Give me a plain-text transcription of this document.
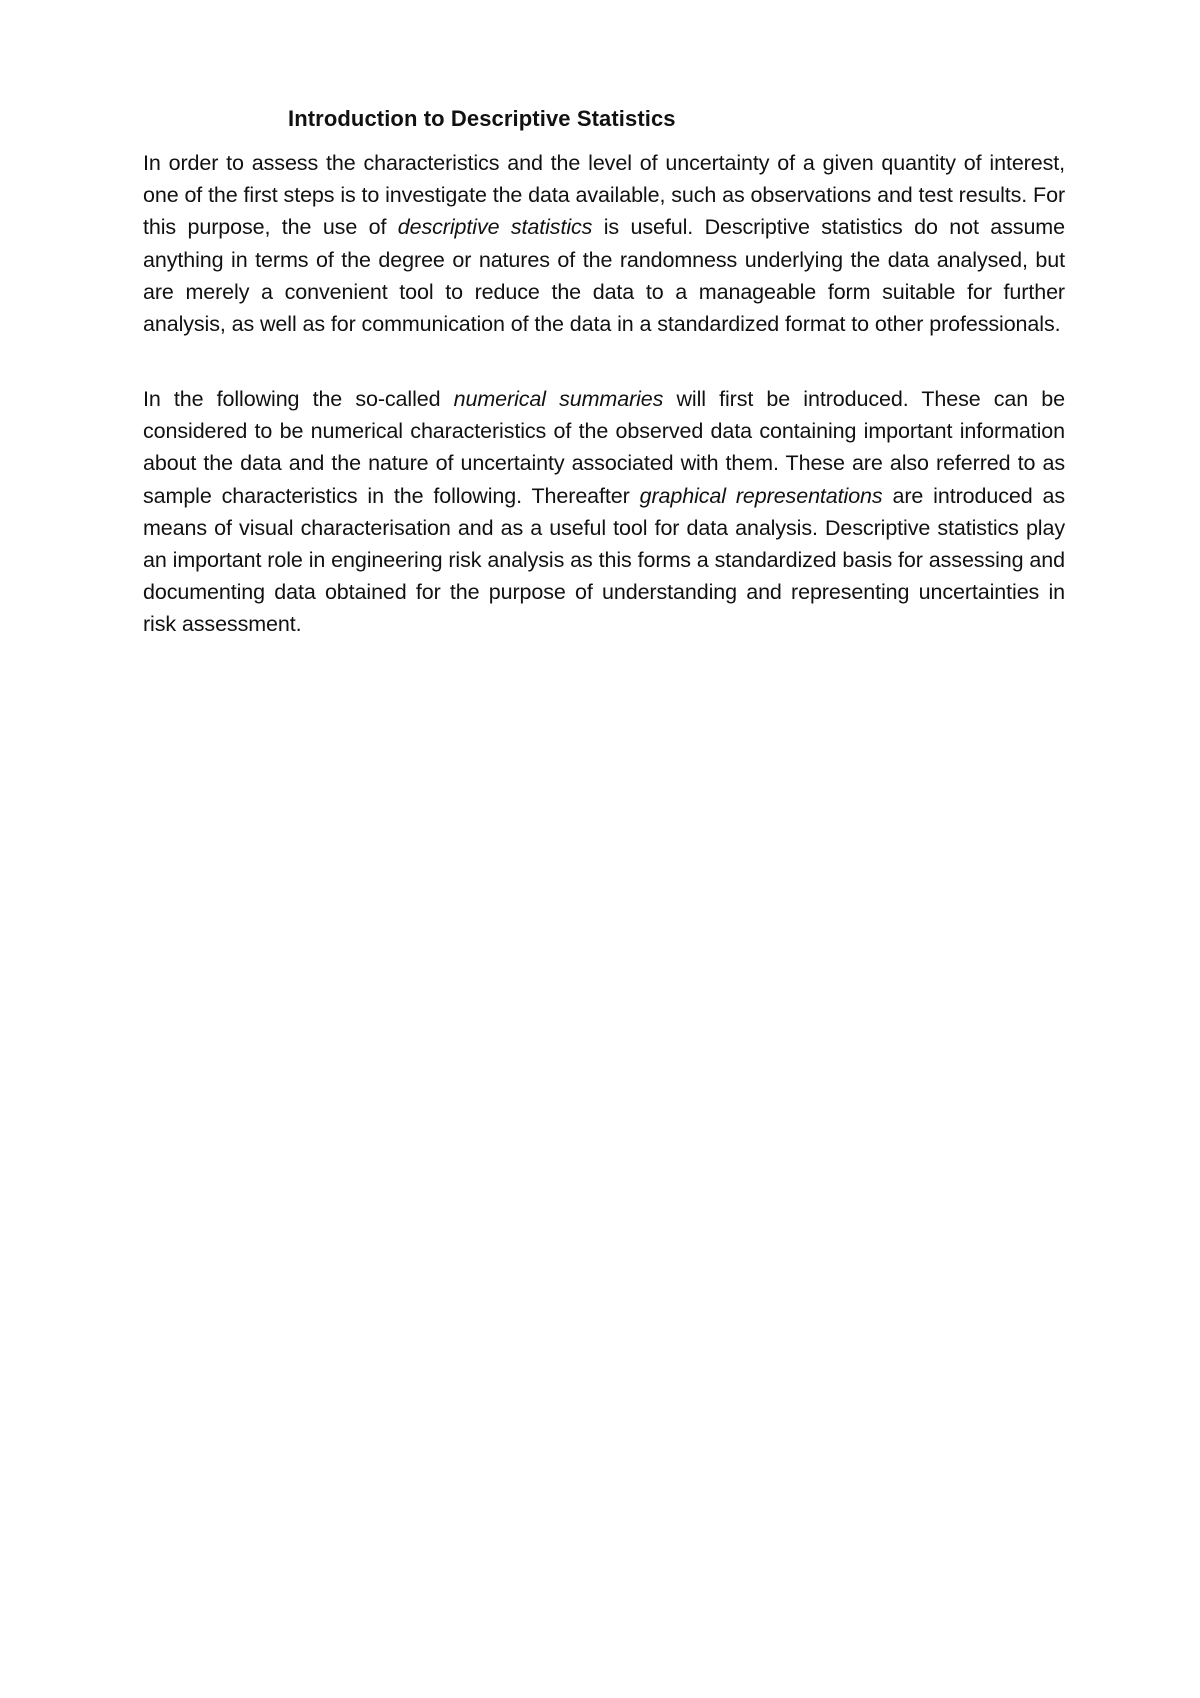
Introduction to Descriptive Statistics

In order to assess the characteristics and the level of uncertainty of a given quantity of interest, one of the first steps is to investigate the data available, such as observations and test results. For this purpose, the use of descriptive statistics is useful. Descriptive statistics do not assume anything in terms of the degree or natures of the randomness underlying the data analysed, but are merely a convenient tool to reduce the data to a manageable form suitable for further analysis, as well as for communication of the data in a standardized format to other professionals.

In the following the so-called numerical summaries will first be introduced. These can be considered to be numerical characteristics of the observed data containing important information about the data and the nature of uncertainty associated with them. These are also referred to as sample characteristics in the following. Thereafter graphical representations are introduced as means of visual characterisation and as a useful tool for data analysis. Descriptive statistics play an important role in engineering risk analysis as this forms a standardized basis for assessing and documenting data obtained for the purpose of understanding and representing uncertainties in risk assessment.
